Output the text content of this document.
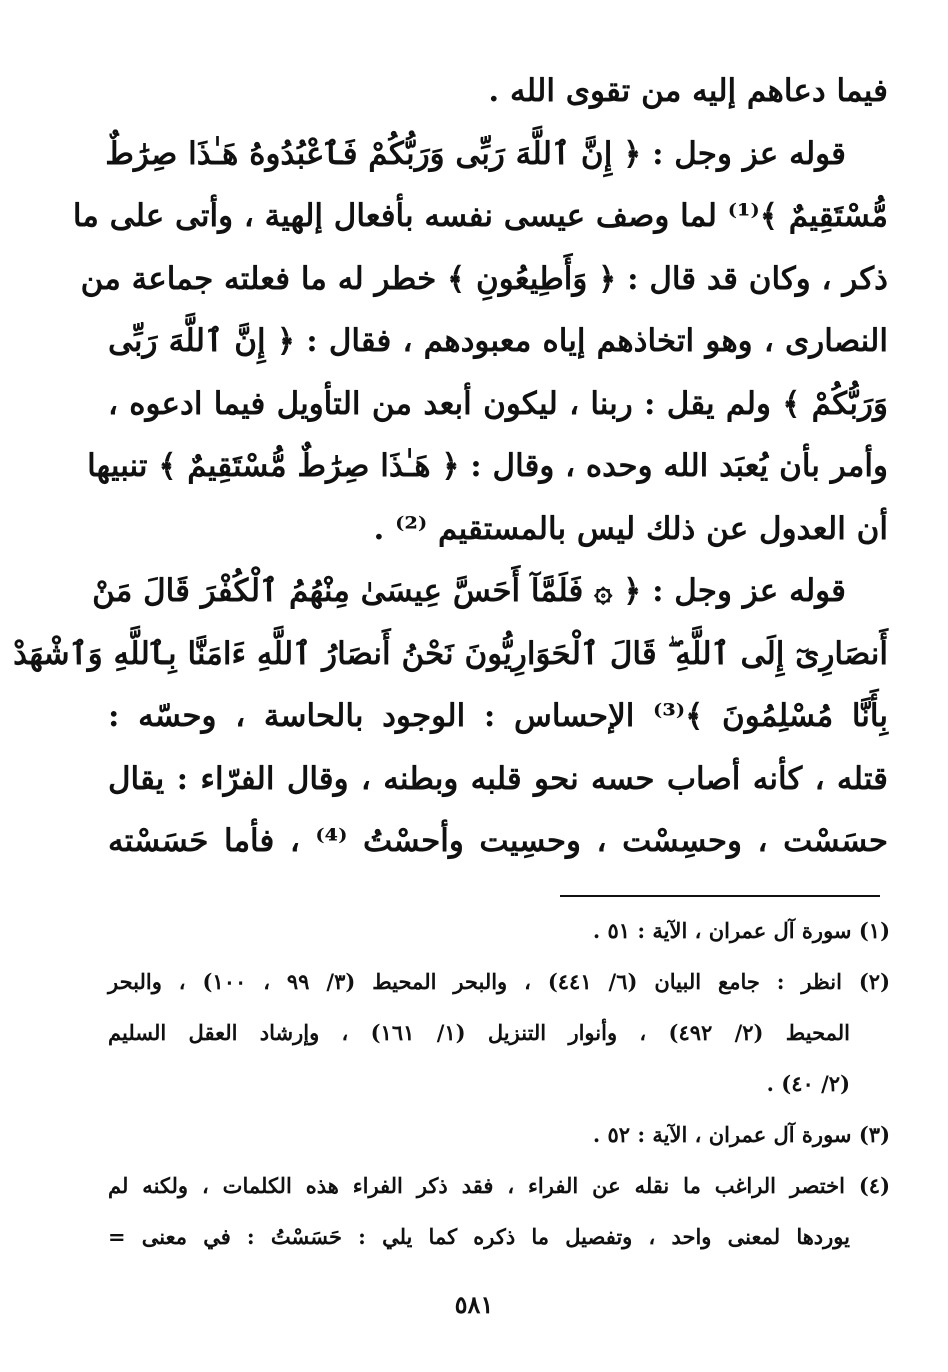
فيما دعاهم إليه من تقوى الله .
قوله عز وجل : ﴿ إِنَّ ٱللَّهَ رَبِّى وَرَبُّكُمْ فَٱعْبُدُوهُ هَـٰذَا صِرَٰطٌ
مُّسْتَقِيمٌ ﴾⁽¹⁾ لما وصف عيسى نفسه بأفعال إلهية ، وأتى على ما
ذكر ، وكان قد قال : ﴿ وَأَطِيعُونِ ﴾ خطر له ما فعلته جماعة من
النصارى ، وهو اتخاذهم إياه معبودهم ، فقال : ﴿ إِنَّ ٱللَّهَ رَبِّى
وَرَبُّكُمْ ﴾ ولم يقل : ربنا ، ليكون أبعد من التأويل فيما ادعوه ،
وأمر بأن يُعبَد الله وحده ، وقال : ﴿ هَـٰذَا صِرَٰطٌ مُّسْتَقِيمٌ ﴾ تنبيها
أن العدول عن ذلك ليس بالمستقيم ⁽²⁾ .
قوله عز وجل : ﴿ ۞ فَلَمَّآ أَحَسَّ عِيسَىٰ مِنْهُمُ ٱلْكُفْرَ قَالَ مَنْ
أَنصَارِىٓ إِلَى ٱللَّهِ ۖ قَالَ ٱلْحَوَارِيُّونَ نَحْنُ أَنصَارُ ٱللَّهِ ءَامَنَّا بِٱللَّهِ وَٱشْهَدْ
بِأَنَّا مُسْلِمُونَ ﴾⁽³⁾ الإحساس : الوجود بالحاسة ، وحسّه :
قتله ، كأنه أصاب حسه نحو قلبه وبطنه ، وقال الفرّاء : يقال
حسَسْت ، وحسِسْت ، وحسِيت وأحسْتُ ⁽⁴⁾ ، فأما حَسَسْته
(١) سورة آل عمران ، الآية : ٥١ .
(٢) انظر : جامع البيان (٦/ ٤٤١) ، والبحر المحيط (٣/ ٩٩ ، ١٠٠) ، والبحر
المحيط (٢/ ٤٩٢) ، وأنوار التنزيل (١/ ١٦١) ، وإرشاد العقل السليم
(٢/ ٤٠) .
(٣) سورة آل عمران ، الآية : ٥٢ .
(٤) اختصر الراغب ما نقله عن الفراء ، فقد ذكر الفراء هذه الكلمات ، ولكنه لم
يوردها لمعنى واحد ، وتفصيل ما ذكره كما يلي : حَسَسْتُ : في معنى =
٥٨١
